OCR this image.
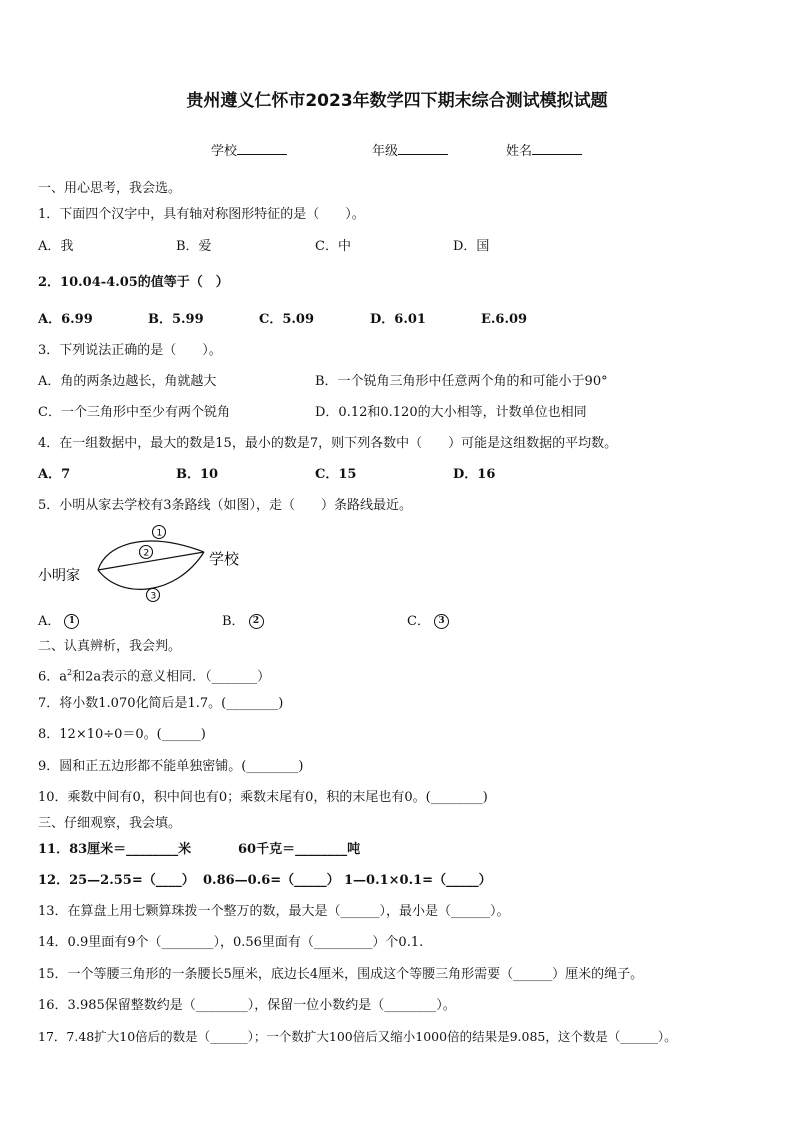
贵州遵义仁怀市2023年数学四下期末综合测试模拟试题
学校	年级	姓名
一、用心思考，我会选。
1．下面四个汉字中，具有轴对称图形特征的是（　　）。
A．我	B．爱	C．中	D．国
2．10.04-4.05的值等于（　）
A．6.99	B．5.99	C．5.09	D．6.01	E.6.09
3．下列说法正确的是（　　）。
A．角的两条边越长，角就越大	B．一个锐角三角形中任意两个角的和可能小于90°
C．一个三角形中至少有两个锐角	D．0.12和0.120的大小相等，计数单位也相同
4．在一组数据中，最大的数是15，最小的数是7，则下列各数中（　　）可能是这组数据的平均数。
A．7	B．10	C．15	D．16
5．小明从家去学校有3条路线（如图），走（　　）条路线最近。
小明家
学校
1
2
3
A． 1	B． 2	C． 3
二、认真辨析，我会判。
6．$a^2$和2a表示的意义相同．（_______）
7．将小数1.070化简后是1.7。(________)
8．12×10÷0＝0。(______)
9．圆和正五边形都不能单独密铺。(________)
10．乘数中间有0，积中间也有0；乘数末尾有0，积的末尾也有0。(________)
三、仔细观察，我会填。
11．83厘米＝________米	60千克＝________吨
12．25—2.55=（____） 0.86—0.6=（_____） 1—0.1×0.1=（_____）
13．在算盘上用七颗算珠拨一个整万的数，最大是（______），最小是（______）。
14．0.9里面有9个（________），0.56里面有（_________）个0.1.
15．一个等腰三角形的一条腰长5厘米，底边长4厘米，围成这个等腰三角形需要（______）厘米的绳子。
16．3.985保留整数约是（________），保留一位小数约是（________）。
17．7.48扩大10倍后的数是（______）；一个数扩大100倍后又缩小1000倍的结果是9.085，这个数是（______）。
